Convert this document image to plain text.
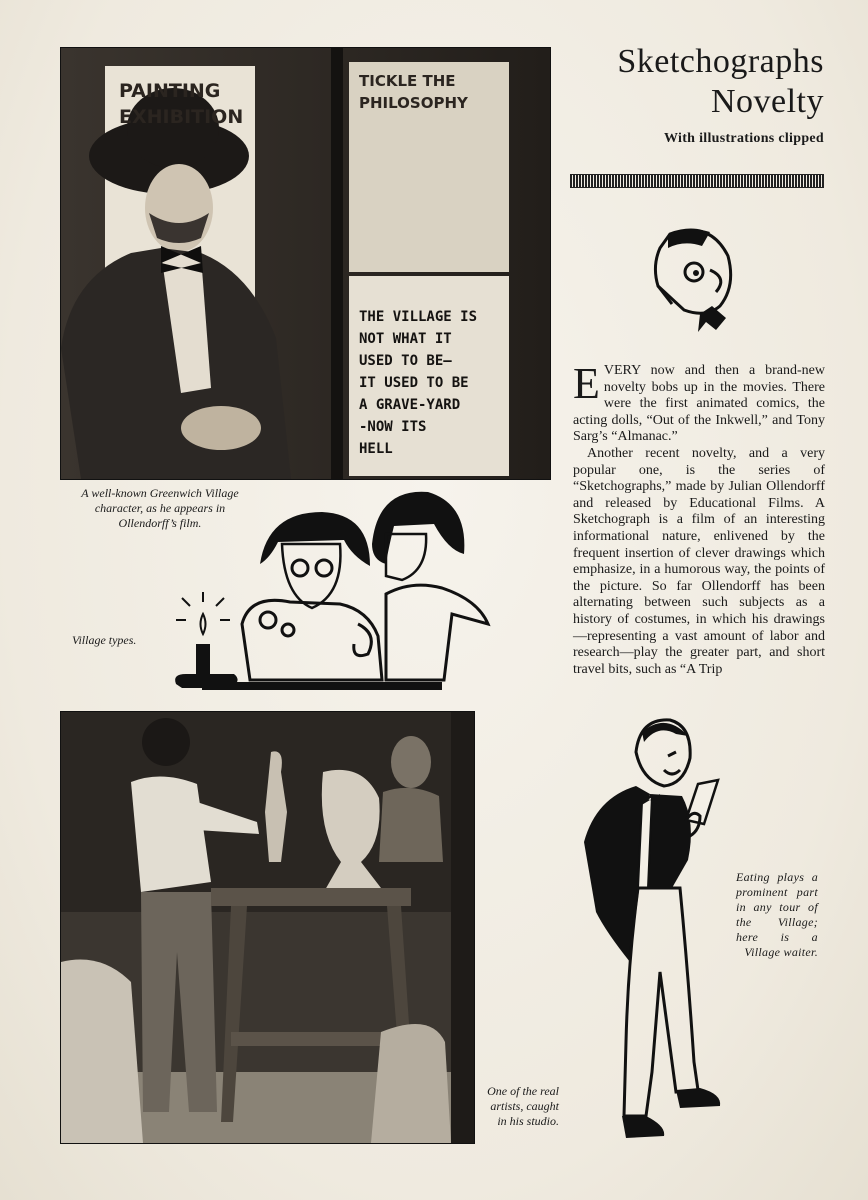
PAINTING
EXHIBITION
TICKLE THE
PHILOSOPHY
THE VILLAGE IS
NOT WHAT IT
USED TO BE—
IT USED TO BE
A GRAVE-YARD
-NOW ITS
HELL
Sketchographs
Novelty
With illustrations clipped

EVERY now and then a brand-new novelty bobs up in the movies. There were the first animated comics, the acting dolls, “Out of the Inkwell,” and Tony Sarg’s “Almanac.”

Another recent novelty, and a very popular one, is the series of “Sketchographs,” made by Julian Ollendorff and released by Educational Films. A Sketchograph is a film of an interesting informational nature, enlivened by the frequent insertion of clever drawings which emphasize, in a humorous way, the points of the picture. So far Ollendorff has been alternating between such subjects as a history of costumes, in which his drawings—representing a vast amount of labor and research—play the greater part, and short travel bits, such as “A Trip

A well-known Greenwich Village character, as he appears in Ollendorff’s film.
Village types.
Eating plays a prominent part in any tour of the Village; here is a Village waiter.
One of the real artists, caught in his studio.
